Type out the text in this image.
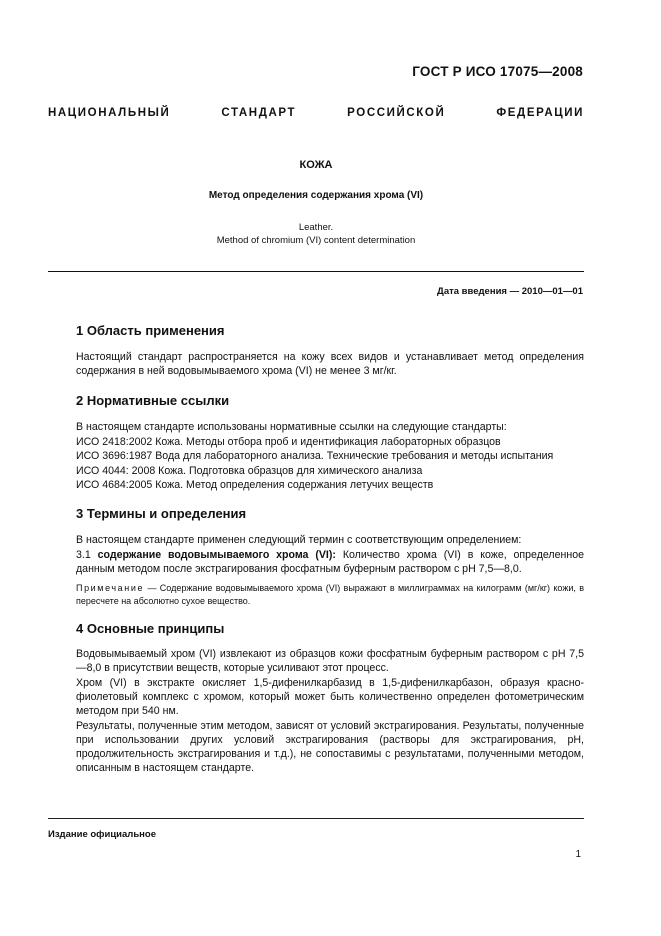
ГОСТ Р ИСО 17075—2008
НАЦИОНАЛЬНЫЙ СТАНДАРТ РОССИЙСКОЙ ФЕДЕРАЦИИ
КОЖА
Метод определения содержания хрома (VI)
Leather.
Method of chromium (VI) content determination
Дата введения — 2010—01—01
1 Область применения
Настоящий стандарт распространяется на кожу всех видов и устанавливает метод определения содержания в ней водовымываемого хрома (VI) не менее 3 мг/кг.
2 Нормативные ссылки
В настоящем стандарте использованы нормативные ссылки на следующие стандарты:
ИСО 2418:2002 Кожа. Методы отбора проб и идентификация лабораторных образцов
ИСО 3696:1987 Вода для лабораторного анализа. Технические требования и методы испытания
ИСО 4044: 2008 Кожа. Подготовка образцов для химического анализа
ИСО 4684:2005 Кожа. Метод определения содержания летучих веществ
3 Термины и определения
В настоящем стандарте применен следующий термин с соответствующим определением:
3.1 содержание водовымываемого хрома (VI): Количество хрома (VI) в коже, определенное данным методом после экстрагирования фосфатным буферным раствором с рН 7,5—8,0.
Примечание — Содержание водовымываемого хрома (VI) выражают в миллиграммах на килограмм (мг/кг) кожи, в пересчете на абсолютно сухое вещество.
4 Основные принципы
Водовымываемый хром (VI) извлекают из образцов кожи фосфатным буферным раствором с рН 7,5—8,0 в присутствии веществ, которые усиливают этот процесс.
Хром (VI) в экстракте окисляет 1,5-дифенилкарбазид в 1,5-дифенилкарбазон, образуя красно-фиолетовый комплекс с хромом, который может быть количественно определен фотометрическим методом при 540 нм.
Результаты, полученные этим методом, зависят от условий экстрагирования. Результаты, полученные при использовании других условий экстрагирования (растворы для экстрагирования, рН, продолжительность экстрагирования и т.д.), не сопоставимы с результатами, полученными методом, описанным в настоящем стандарте.
Издание официальное
1
